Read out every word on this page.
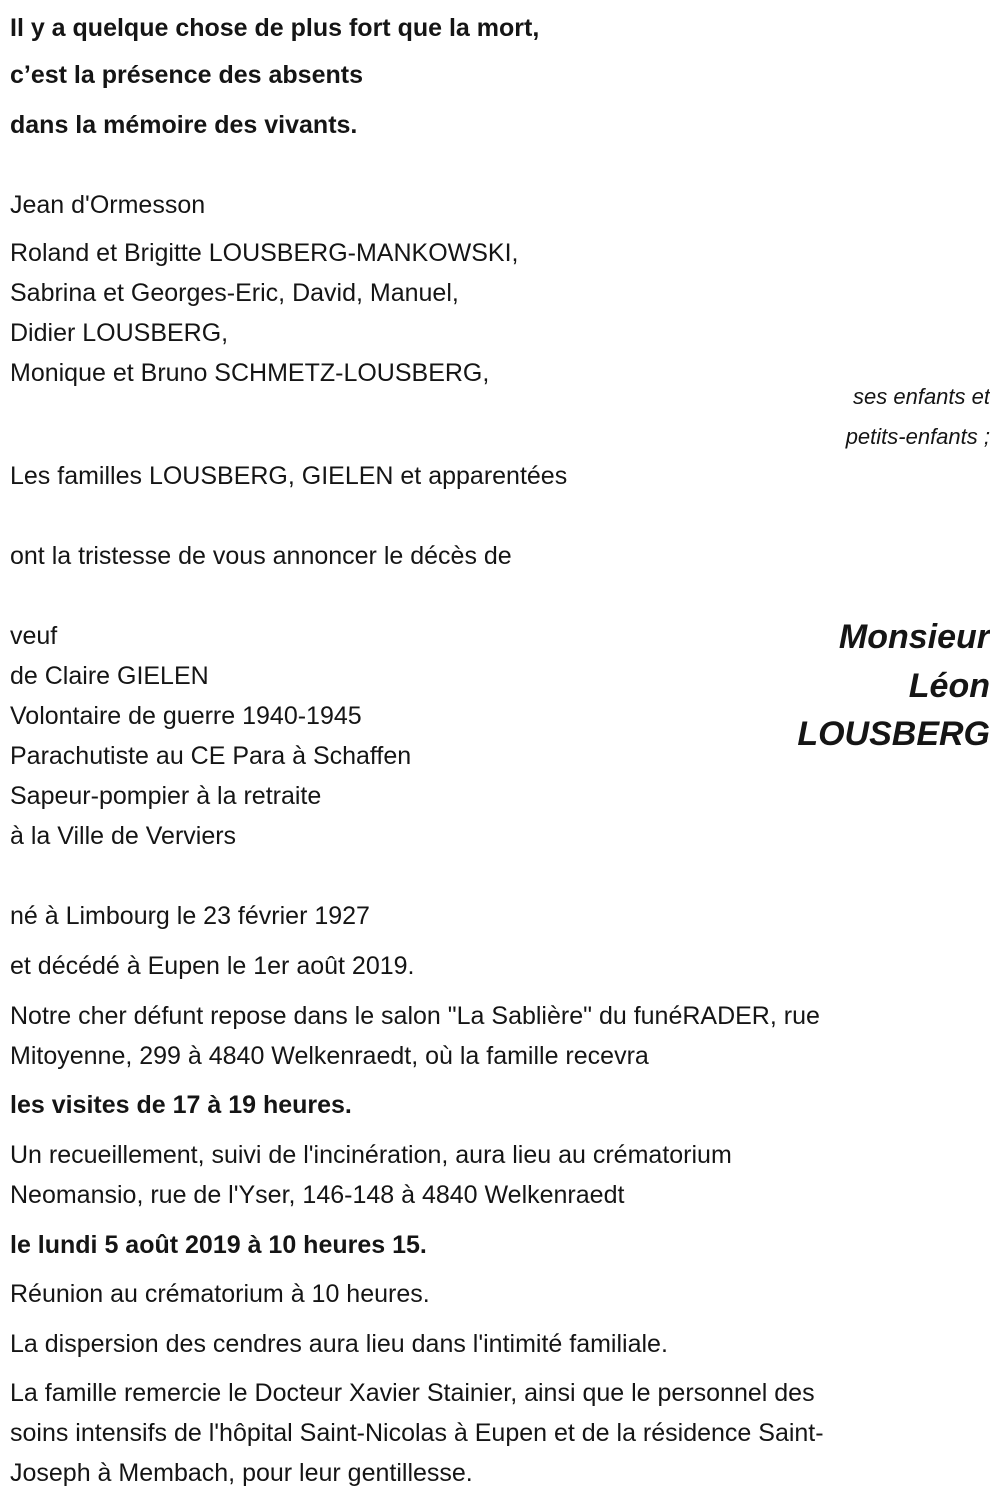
Il y a quelque chose de plus fort que la mort,
c’est la présence des absents
dans la mémoire des vivants.
Jean d'Ormesson
Roland et Brigitte LOUSBERG-MANKOWSKI,
Sabrina et Georges-Eric, David, Manuel,
Didier LOUSBERG,
Monique et Bruno SCHMETZ-LOUSBERG,
ses enfants et
petits-enfants ;
Les familles LOUSBERG, GIELEN et apparentées
ont la tristesse de vous annoncer le décès de
veuf
de Claire GIELEN
Volontaire de guerre 1940-1945
Parachutiste au CE Para à Schaffen
Sapeur-pompier à la retraite
à la Ville de Verviers
Monsieur
Léon
LOUSBERG
né à Limbourg le 23 février 1927
et décédé à Eupen le 1er août 2019.
Notre cher défunt repose dans le salon "La Sablière" du funéRADER, rue
Mitoyenne, 299 à 4840 Welkenraedt, où la famille recevra
les visites de 17 à 19 heures.
Un recueillement, suivi de l'incinération, aura lieu au crématorium
Neomansio, rue de l'Yser, 146-148 à 4840 Welkenraedt
le lundi 5 août 2019 à 10 heures 15.
Réunion au crématorium à 10 heures.
La dispersion des cendres aura lieu dans l'intimité familiale.
La famille remercie le Docteur Xavier Stainier, ainsi que le personnel des
soins intensifs de l'hôpital Saint-Nicolas à Eupen et de la résidence Saint-
Joseph à Membach, pour leur gentillesse.
